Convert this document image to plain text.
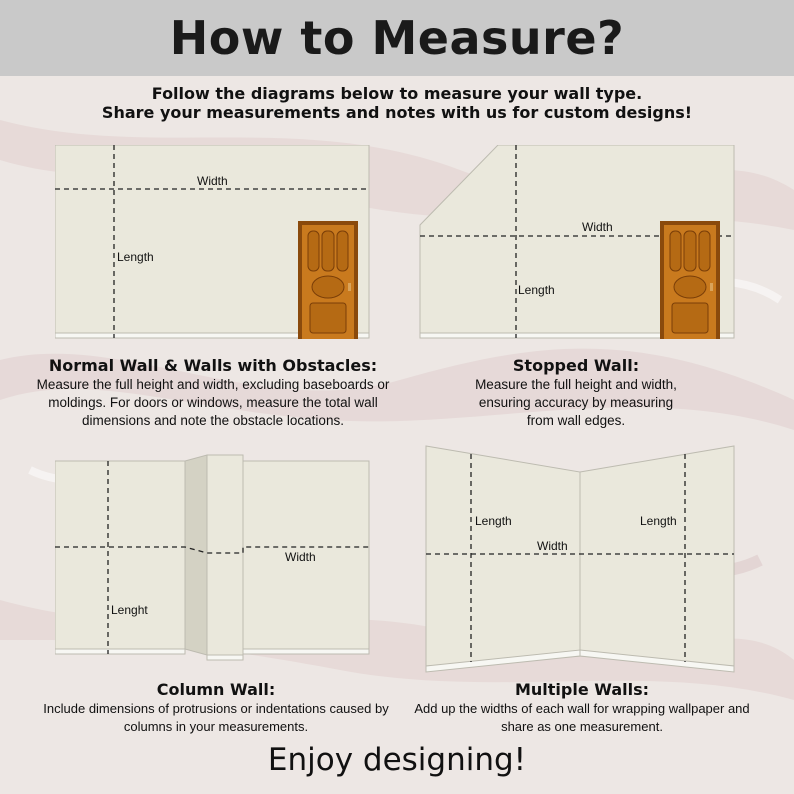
How to Measure?
Follow the diagrams below to measure your wall type.
Share your measurements and notes with us for custom designs!
Width
Length
Width
Length
Width
Lenght
Width
Length	Length
Normal Wall & Walls with Obstacles:
Measure the full height and width, excluding baseboards or
moldings. For doors or windows, measure the total wall
dimensions and note the obstacle locations.
Stopped Wall:
Measure the full height and width,
ensuring accuracy by measuring
from wall edges.
Column Wall:
Include dimensions of protrusions or indentations caused by
columns in your measurements.
Multiple Walls:
Add up the widths of each wall for wrapping wallpaper and
share as one measurement.
Enjoy designing!
